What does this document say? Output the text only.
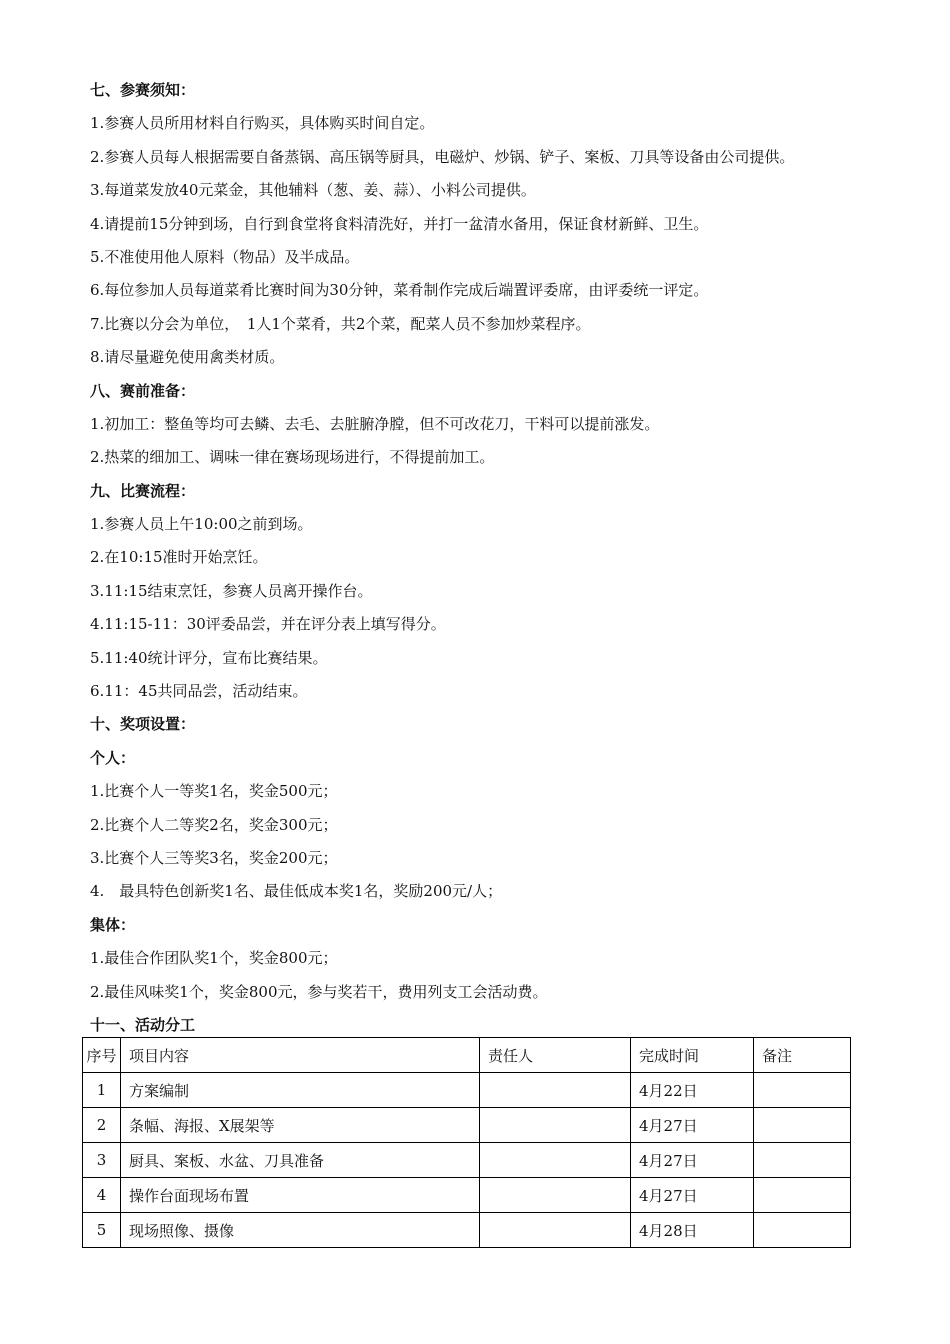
七、参赛须知：
1.参赛人员所用材料自行购买，具体购买时间自定。
2.参赛人员每人根据需要自备蒸锅、高压锅等厨具，电磁炉、炒锅、铲子、案板、刀具等设备由公司提供。
3.每道菜发放40元菜金，其他辅料（葱、姜、蒜）、小料公司提供。
4.请提前15分钟到场，自行到食堂将食料清洗好，并打一盆清水备用，保证食材新鲜、卫生。
5.不准使用他人原料（物品）及半成品。
6.每位参加人员每道菜肴比赛时间为30分钟，菜肴制作完成后端置评委席，由评委统一评定。
7.比赛以分会为单位，　1人1个菜肴，共2个菜，配菜人员不参加炒菜程序。
8.请尽量避免使用禽类材质。
八、赛前准备：
1.初加工：整鱼等均可去鳞、去毛、去脏腑净膛，但不可改花刀，干料可以提前涨发。
2.热菜的细加工、调味一律在赛场现场进行，不得提前加工。
九、比赛流程：
1.参赛人员上午10:00之前到场。
2.在10:15准时开始烹饪。
3.11:15结束烹饪，参赛人员离开操作台。
4.11:15-11：30评委品尝，并在评分表上填写得分。
5.11:40统计评分，宣布比赛结果。
6.11：45共同品尝，活动结束。
十、奖项设置：
个人：
1.比赛个人一等奖1名，奖金500元；
2.比赛个人二等奖2名，奖金300元；
3.比赛个人三等奖3名，奖金200元；
4.　最具特色创新奖1名、最佳低成本奖1名，奖励200元/人；
集体：
1.最佳合作团队奖1个，奖金800元；
2.最佳风味奖1个，奖金800元，参与奖若干，费用列支工会活动费。
十一、活动分工
序号	项目内容	责任人	完成时间	备注
1	方案编制		4月22日	
2	条幅、海报、X展架等		4月27日	
3	厨具、案板、水盆、刀具准备		4月27日	
4	操作台面现场布置		4月27日	
5	现场照像、摄像		4月28日	
